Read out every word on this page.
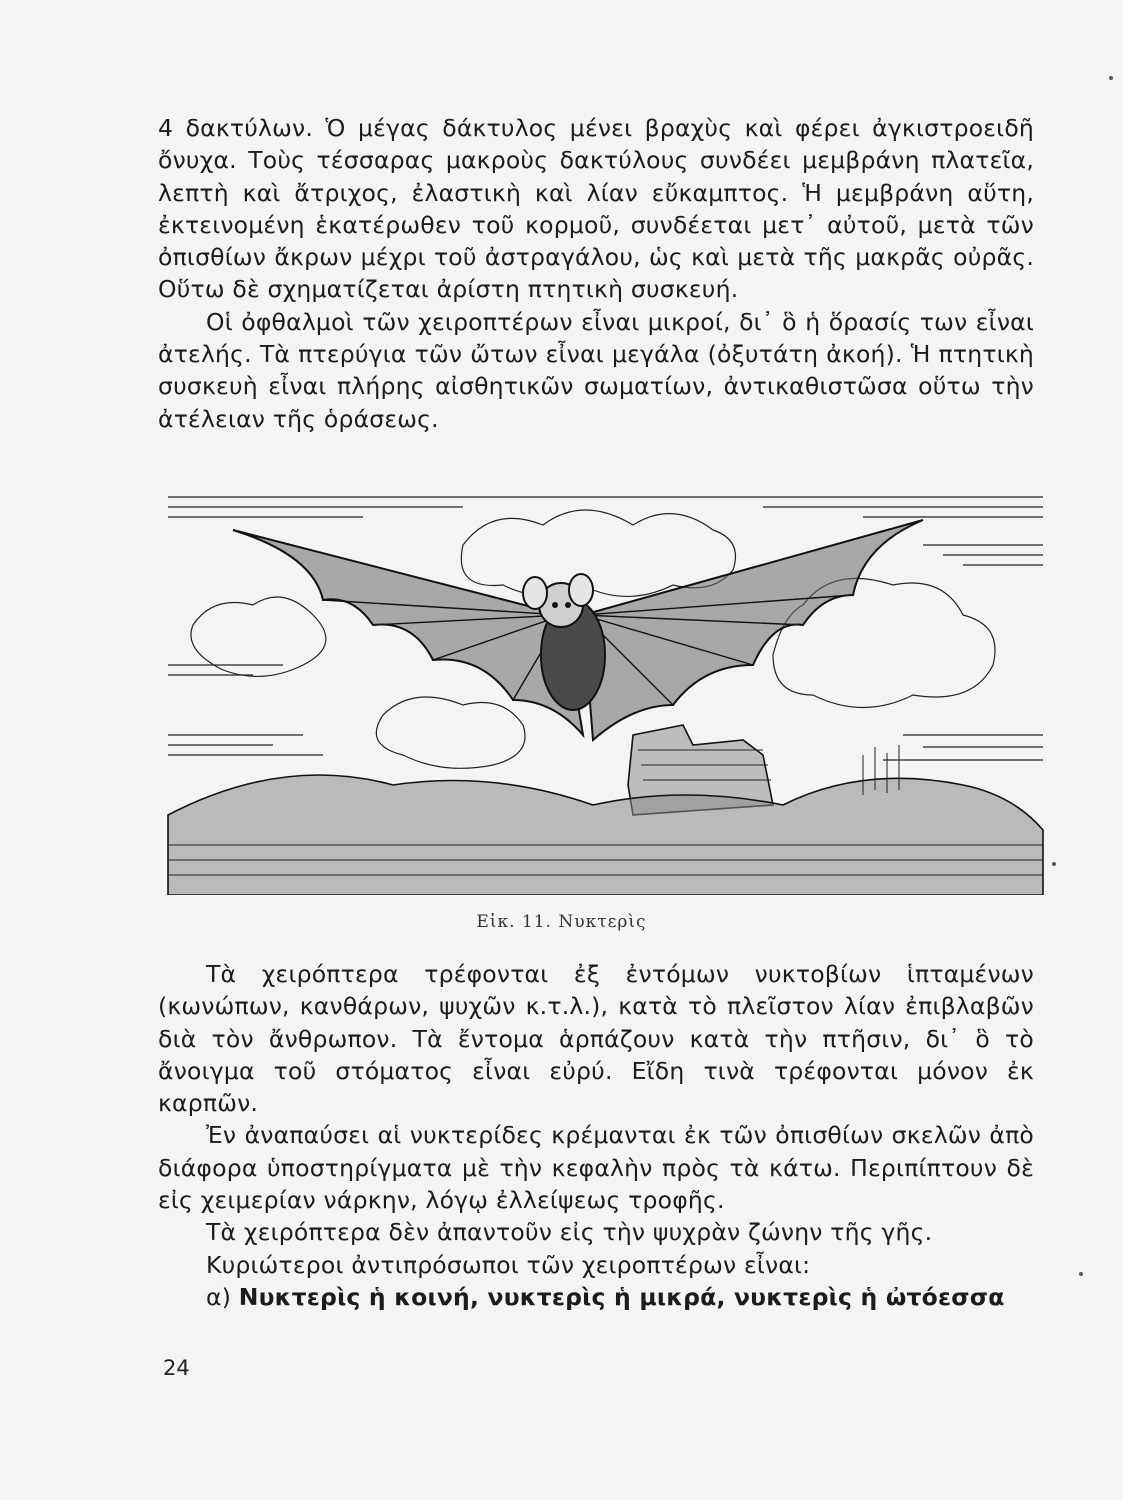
4 δακτύλων. Ὁ μέγας δάκτυλος μένει βραχὺς καὶ φέρει ἀγκιστροειδῆ ὄνυχα. Τοὺς τέσσαρας μακροὺς δακτύλους συνδέει μεμβράνη πλατεῖα, λεπτὴ καὶ ἄτριχος, ἐλαστικὴ καὶ λίαν εὔκαμπτος. Ἡ μεμβράνη αὕτη, ἐκτεινομένη ἑκατέρωθεν τοῦ κορμοῦ, συνδέεται μετ᾽ αὐτοῦ, μετὰ τῶν ὀπισθίων ἄκρων μέχρι τοῦ ἀστραγάλου, ὡς καὶ μετὰ τῆς μακρᾶς οὐρᾶς. Οὕτω δὲ σχηματίζεται ἀρίστη πτητικὴ συσκευή.

Οἱ ὀφθαλμοὶ τῶν χειροπτέρων εἶναι μικροί, δι᾽ ὃ ἡ ὅρασίς των εἶναι ἀτελής. Τὰ πτερύγια τῶν ὤτων εἶναι μεγάλα (ὀξυτάτη ἀκοή). Ἡ πτητικὴ συσκευὴ εἶναι πλήρης αἰσθητικῶν σωματίων, ἀντικαθιστῶσα οὕτω τὴν ἀτέλειαν τῆς ὁράσεως.

Εἰκ. 11. Νυκτερὶς

Τὰ χειρόπτερα τρέφονται ἐξ ἐντόμων νυκτοβίων ἱπταμένων (κωνώπων, κανθάρων, ψυχῶν κ.τ.λ.), κατὰ τὸ πλεῖστον λίαν ἐπιβλαβῶν διὰ τὸν ἄνθρωπον. Τὰ ἔντομα ἁρπάζουν κατὰ τὴν πτῆσιν, δι᾽ ὃ τὸ ἄνοιγμα τοῦ στόματος εἶναι εὐρύ. Εἴδη τινὰ τρέφονται μόνον ἐκ καρπῶν.

Ἐν ἀναπαύσει αἱ νυκτερίδες κρέμανται ἐκ τῶν ὀπισθίων σκελῶν ἀπὸ διάφορα ὑποστηρίγματα μὲ τὴν κεφαλὴν πρὸς τὰ κάτω. Περιπίπτουν δὲ εἰς χειμερίαν νάρκην, λόγῳ ἐλλείψεως τροφῆς.

Τὰ χειρόπτερα δὲν ἀπαντοῦν εἰς τὴν ψυχρὰν ζώνην τῆς γῆς.

Κυριώτεροι ἀντιπρόσωποι τῶν χειροπτέρων εἶναι:

α) Νυκτερὶς ἡ κοινή, νυκτερὶς ἡ μικρά, νυκτερὶς ἡ ὠτόεσσα

24
